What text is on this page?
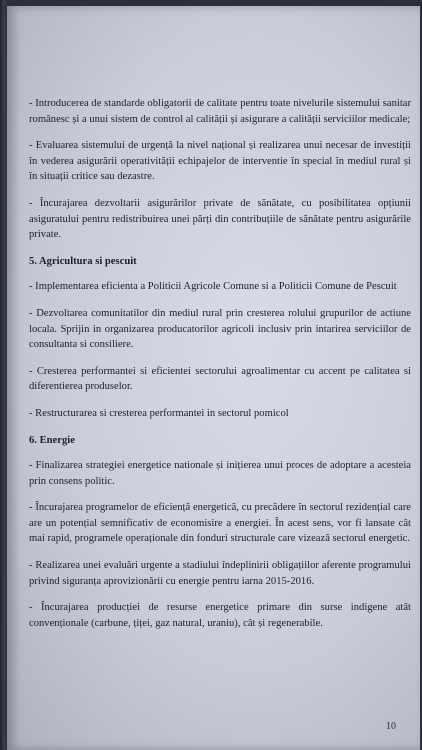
- Introducerea de standarde obligatorii de calitate pentru toate nivelurile sistemului sanitar românesc și a unui sistem de control al calității și asigurare a calității serviciilor medicale;

- Evaluarea sistemului de urgență la nivel național și realizarea unui necesar de investiții în vederea asigurării operativității echipajelor de interventie în special în mediul rural și în situații critice sau dezastre.

- Încurajarea dezvoltarii asigurărilor private de sănătate, cu posibilitatea opțiunii asiguratului pentru redistribuirea unei părți din contribuțiile de sănătate pentru asigurările private.

5. Agricultura si pescuit

- Implementarea eficienta a Politicii Agricole Comune si a Politicii Comune de Pescuit

- Dezvoltarea comunitatilor din mediul rural prin cresterea rolului grupurilor de actiune locala. Sprijin in organizarea producatorilor agricoli inclusiv prin intarirea serviciilor de consultanta si consiliere.

- Cresterea performantei si eficientei sectorului agroalimentar cu accent pe calitatea si diferentierea produselor.

- Restructurarea si cresterea performantei in sectorul pomicol

6. Energie

- Finalizarea strategiei energetice nationale și inițierea unui proces de adoptare a acesteia prin consens politic.

- Încurajarea programelor de eficiență energetică, cu precădere în sectorul rezidențial care are un potențial semnificativ de economisire a energiei. În acest sens, vor fi lansate cât mai rapid, programele operaționale din fonduri structurale care vizează sectorul energetic.

- Realizarea unei evaluări urgente a stadiului îndeplinirii obligațiilor aferente programului privind siguranța aprovizionării cu energie pentru iarna 2015-2016.

- Încurajarea producției de resurse energetice primare din surse indigene atât convenționale (carbune, țiței, gaz natural, uraniu), cât și regenerabile.

10
